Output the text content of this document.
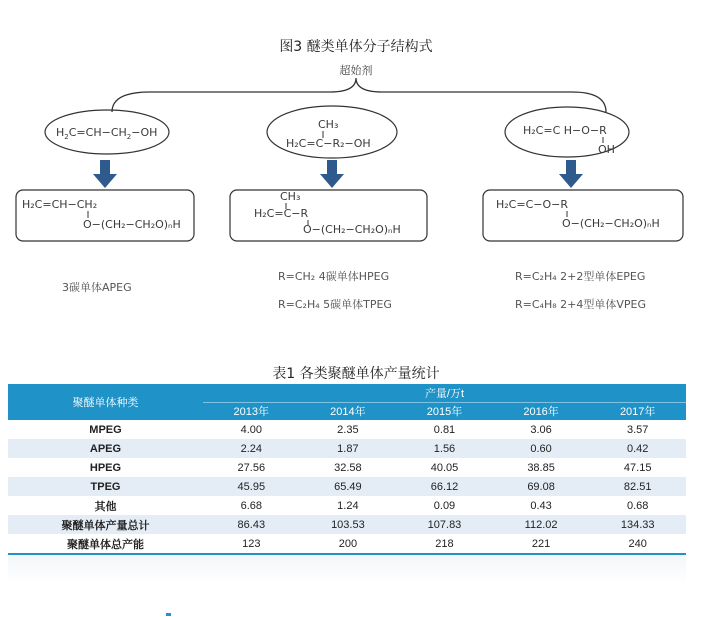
图3 醚类单体分子结构式
超始剂
$H_2C=CH-CH_2-OH$
CH₃
H₂C=C−R₂−OH
H₂C=C H−O−R
OH
H₂C=CH−CH₂
O−(CH₂−CH₂O)ₙH
CH₃
H₂C=C−R
O−(CH₂−CH₂O)ₙH
H₂C=C−O−R
O−(CH₂−CH₂O)ₙH
3碳单体APEG
R=CH₂ 4碳单体HPEG
R=C₂H₄ 5碳单体TPEG
R=C₂H₄ 2+2型单体EPEG
R=C₄H₈ 2+4型单体VPEG
表1 各类聚醚单体产量统计
聚醚单体种类	产量/万t				
	2013年	2014年	2015年	2016年	2017年
MPEG	4.00	2.35	0.81	3.06	3.57
APEG	2.24	1.87	1.56	0.60	0.42
HPEG	27.56	32.58	40.05	38.85	47.15
TPEG	45.95	65.49	66.12	69.08	82.51
其他	6.68	1.24	0.09	0.43	0.68
聚醚单体产量总计	86.43	103.53	107.83	112.02	134.33
聚醚单体总产能	123	200	218	221	240
